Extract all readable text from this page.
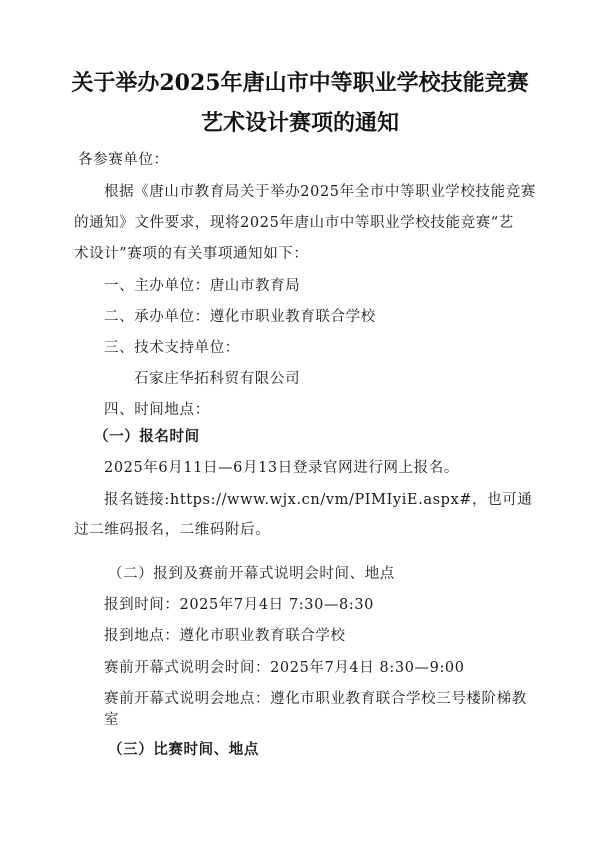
关于举办2025年唐山市中等职业学校技能竞赛
艺术设计赛项的通知
各参赛单位：
根据《唐山市教育局关于举办2025年全市中等职业学校技能竞赛
的通知》文件要求，现将2025年唐山市中等职业学校技能竞赛“艺
术设计”赛项的有关事项通知如下：
一、主办单位：唐山市教育局
二、承办单位：遵化市职业教育联合学校
三、技术支持单位：
石家庄华拓科贸有限公司
四、时间地点：
（一）报名时间
2025年6月11日—6月13日登录官网进行网上报名。
报名链接:https://www.wjx.cn/vm/PIMIyiE.aspx#，也可通
过二维码报名，二维码附后。
（二）报到及赛前开幕式说明会时间、地点
报到时间：2025年7月4日 7:30—8:30
报到地点：遵化市职业教育联合学校
赛前开幕式说明会时间：2025年7月4日 8:30—9:00
赛前开幕式说明会地点：遵化市职业教育联合学校三号楼阶梯教
室
（三）比赛时间、地点
